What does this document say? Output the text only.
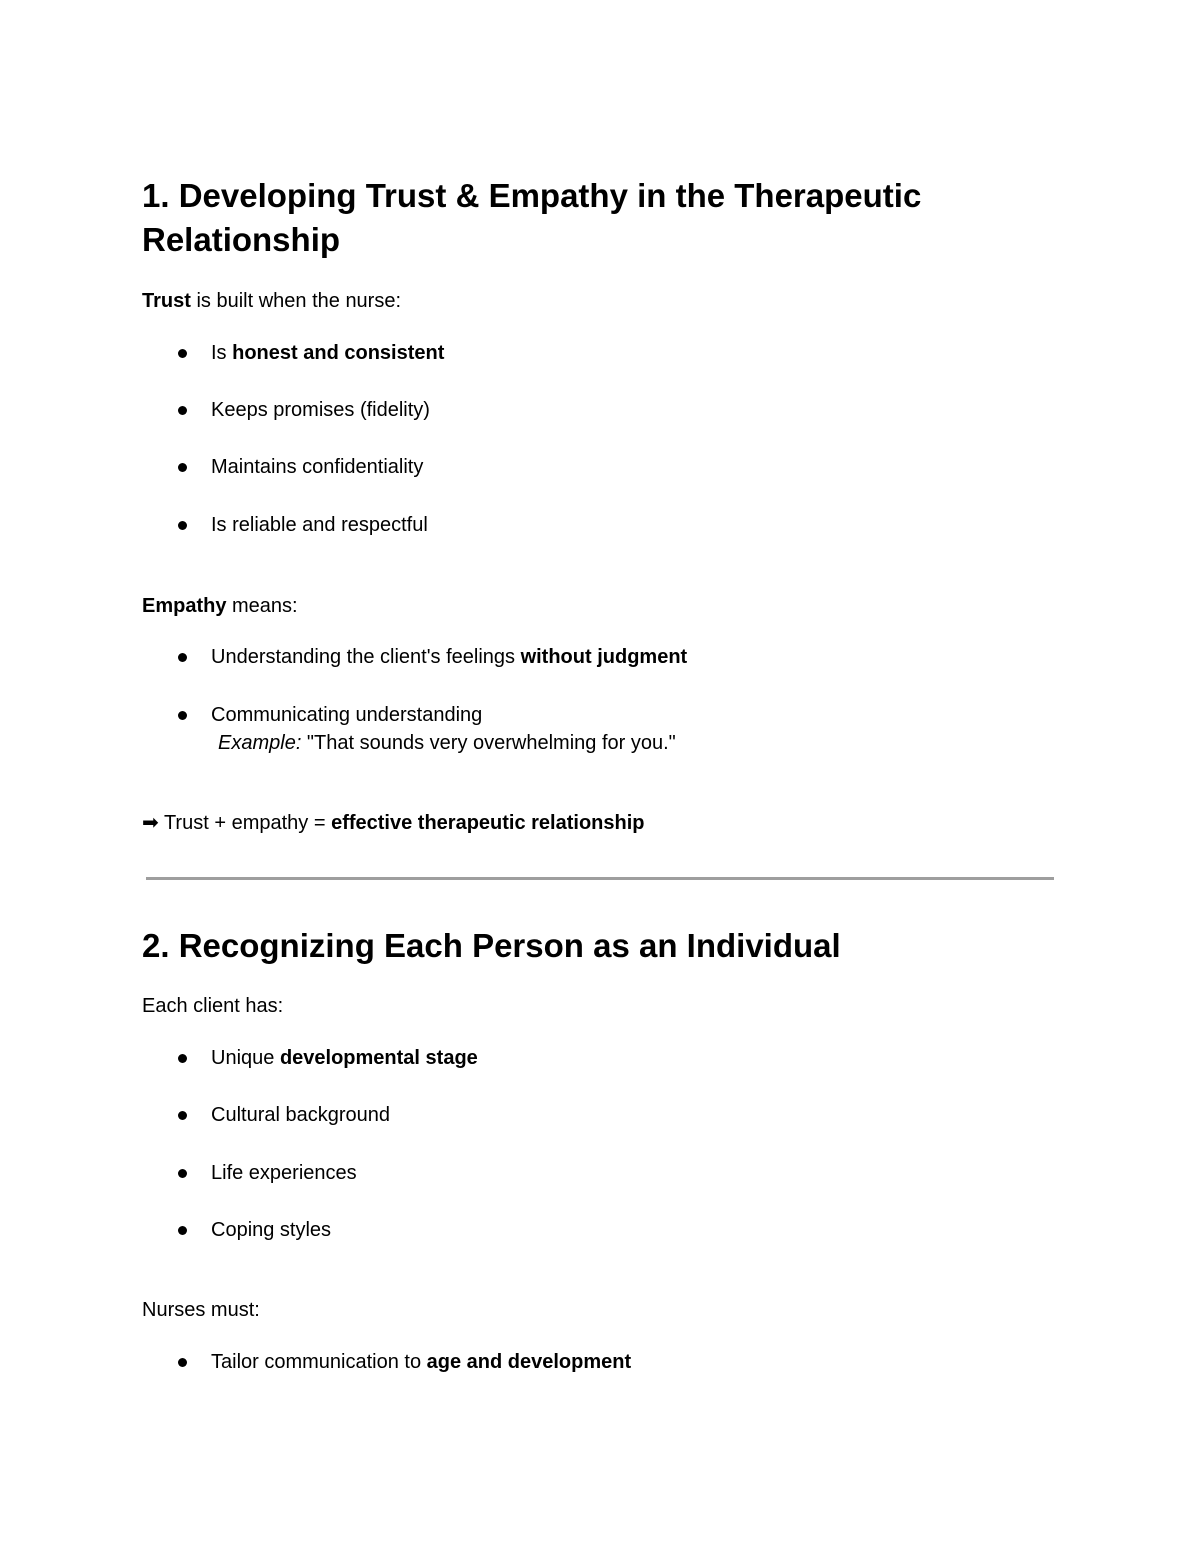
1. Developing Trust & Empathy in the Therapeutic
Relationship
Trust is built when the nurse:
Is honest and consistent
Keeps promises (fidelity)
Maintains confidentiality
Is reliable and respectful
Empathy means:
Understanding the client's feelings without judgment
Communicating understanding
Example: "That sounds very overwhelming for you."
➡ Trust + empathy = effective therapeutic relationship
2. Recognizing Each Person as an Individual
Each client has:
Unique developmental stage
Cultural background
Life experiences
Coping styles
Nurses must:
Tailor communication to age and development
